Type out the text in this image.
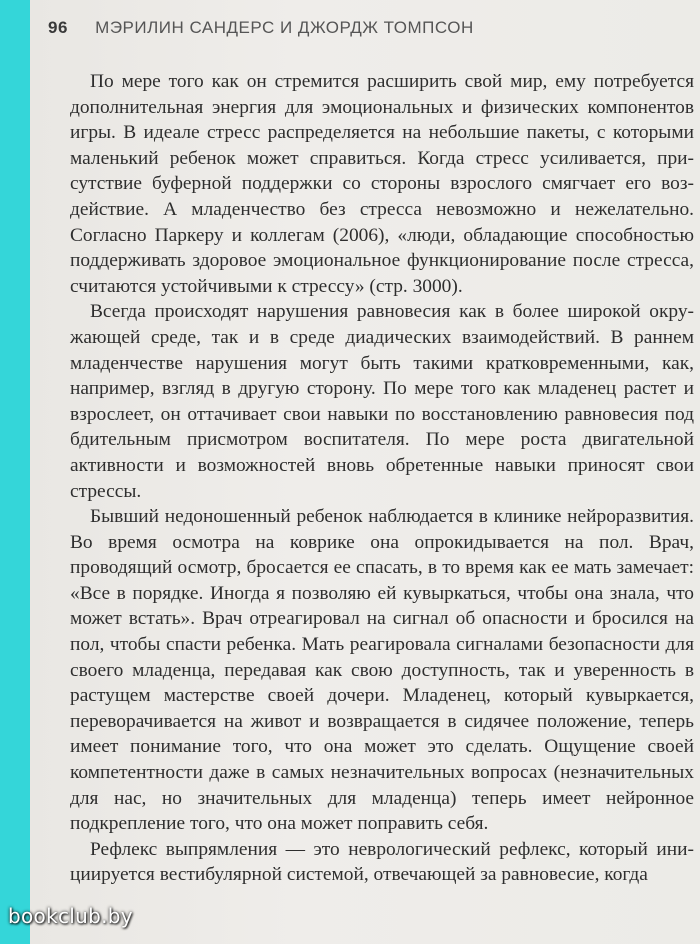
96 МЭРИЛИН САНДЕРС И ДЖОРДЖ ТОМПСОН

По мере того как он стремится расширить свой мир, ему потребуется дополнительная энергия для эмоциональных и физических компонентов игры. В идеале стресс распределяется на небольшие пакеты, с которыми маленький ребенок может справиться. Когда стресс усиливается, присутствие буферной поддержки со стороны взрослого смягчает его воздействие. А младенчество без стресса невозможно и нежелательно. Согласно Паркеру и коллегам (2006), «люди, обладающие способностью поддерживать здоровое эмоциональное функционирование после стресса, считаются устойчивыми к стрессу» (стр. 3000).

Всегда происходят нарушения равновесия как в более широкой окружающей среде, так и в среде диадических взаимодействий. В раннем младенчестве нарушения могут быть такими кратковременными, как, например, взгляд в другую сторону. По мере того как младенец растет и взрослеет, он оттачивает свои навыки по восстановлению равновесия под бдительным присмотром воспитателя. По мере роста двигательной активности и возможностей вновь обретенные навыки приносят свои стрессы.

Бывший недоношенный ребенок наблюдается в клинике нейроразвития. Во время осмотра на коврике она опрокидывается на пол. Врач, проводящий осмотр, бросается ее спасать, в то время как ее мать замечает: «Все в порядке. Иногда я позволяю ей кувыркаться, чтобы она знала, что может встать». Врач отреагировал на сигнал об опасности и бросился на пол, чтобы спасти ребенка. Мать реагировала сигналами безопасности для своего младенца, передавая как свою доступность, так и уверенность в растущем мастерстве своей дочери. Младенец, который кувыркается, переворачивается на живот и возвращается в сидячее положение, теперь имеет понимание того, что она может это сделать. Ощущение своей компетентности даже в самых незначительных вопросах (незначительных для нас, но значительных для младенца) теперь имеет нейронное подкрепление того, что она может поправить себя.

Рефлекс выпрямления — это неврологический рефлекс, который инициируется вестибулярной системой, отвечающей за равновесие, когда

bookclub.by
